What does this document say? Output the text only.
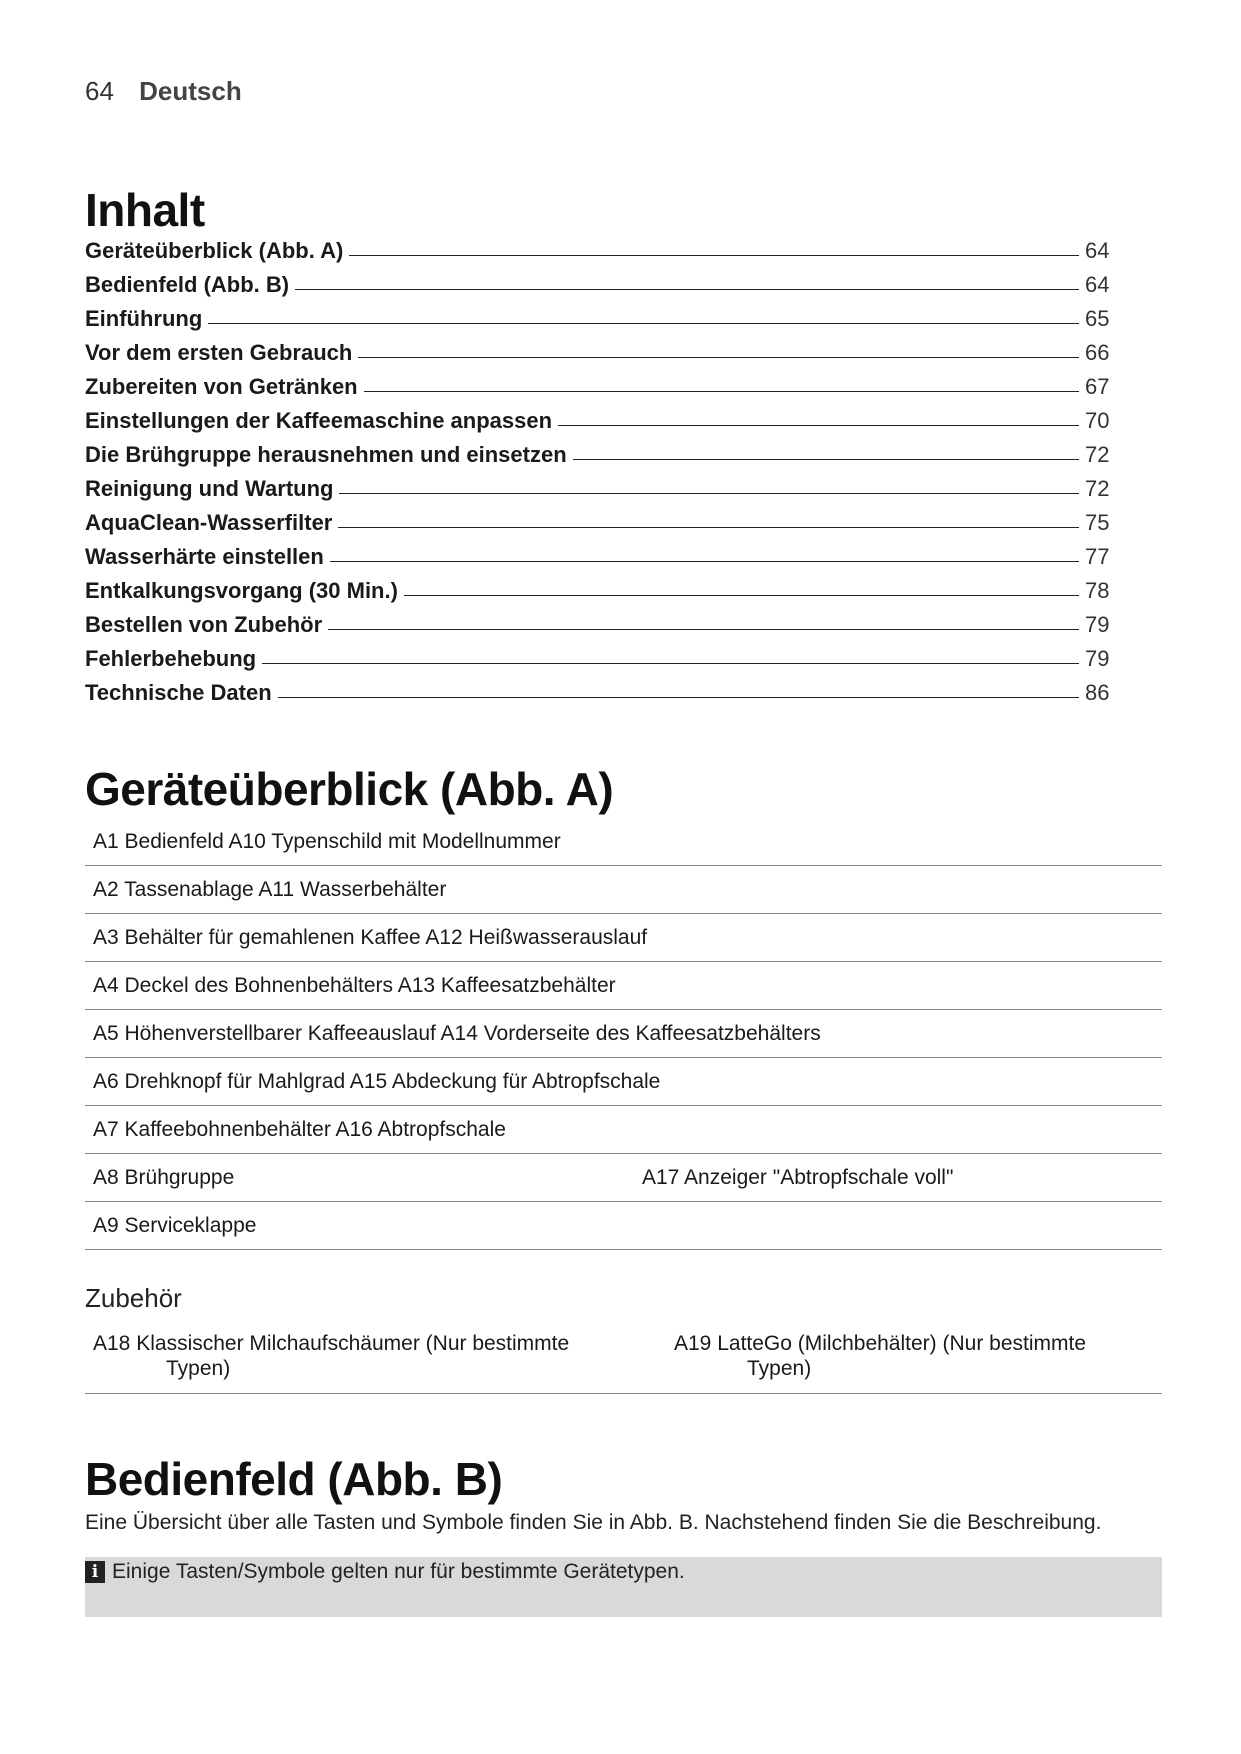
64 Deutsch
Inhalt
Geräteüberblick (Abb. A)	64
Bedienfeld (Abb. B)	64
Einführung	65
Vor dem ersten Gebrauch	66
Zubereiten von Getränken	67
Einstellungen der Kaffeemaschine anpassen	70
Die Brühgruppe herausnehmen und einsetzen	72
Reinigung und Wartung	72
AquaClean-Wasserfilter	75
Wasserhärte einstellen	77
Entkalkungsvorgang (30 Min.)	78
Bestellen von Zubehör	79
Fehlerbehebung	79
Technische Daten	86
Geräteüberblick (Abb. A)
A1 Bedienfeld A10 Typenschild mit Modellnummer
A2 Tassenablage A11 Wasserbehälter
A3 Behälter für gemahlenen Kaffee A12 Heißwasserauslauf
A4 Deckel des Bohnenbehälters A13 Kaffeesatzbehälter
A5 Höhenverstellbarer Kaffeeauslauf A14 Vorderseite des Kaffeesatzbehälters
A6 Drehknopf für Mahlgrad A15 Abdeckung für Abtropfschale
A7 Kaffeebohnenbehälter A16 Abtropfschale
A8 Brühgruppe	A17 Anzeiger "Abtropfschale voll"
A9 Serviceklappe
Zubehör
A18 Klassischer Milchaufschäumer (Nur bestimmte
Typen)
A19 LatteGo (Milchbehälter) (Nur bestimmte
Typen)
Bedienfeld (Abb. B)
Eine Übersicht über alle Tasten und Symbole finden Sie in Abb. B. Nachstehend finden Sie die Beschreibung.
i Einige Tasten/Symbole gelten nur für bestimmte Gerätetypen.
